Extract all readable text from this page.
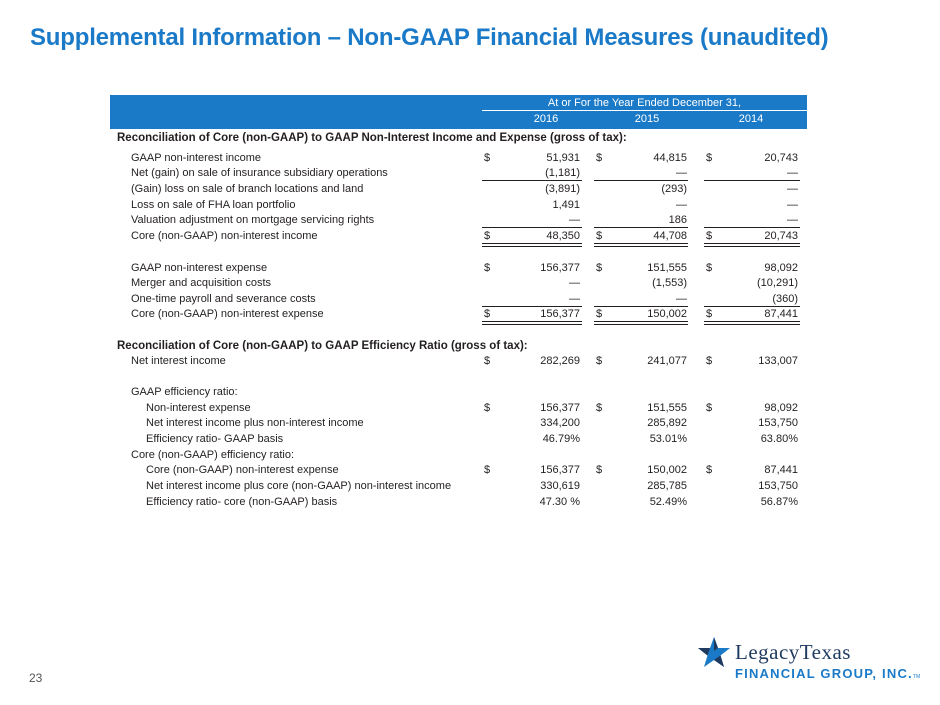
Supplemental Information – Non-GAAP Financial Measures (unaudited)
At or For the Year Ended December 31,
2016	2015	2014
Reconciliation of Core (non-GAAP) to GAAP Non-Interest Income and Expense (gross of tax):
Reconciliation of Core (non-GAAP) to GAAP Efficiency Ratio (gross of tax):
GAAP non-interest income	$	51,931 $	44,815 $	20,743
Net (gain) on sale of insurance subsidiary operations	(1,181)	—	—
(Gain) loss on sale of branch locations and land	(3,891)	(293)	—
Loss on sale of FHA loan portfolio	1,491	—	—
Valuation adjustment on mortgage servicing rights	—	186	—
Core (non-GAAP) non-interest income	$	48,350 $	44,708 $	20,743
GAAP non-interest expense	$	156,377 $	151,555 $	98,092
Merger and acquisition costs	—	(1,553)	(10,291)
One-time payroll and severance costs	—	—	(360)
Core (non-GAAP) non-interest expense	$	156,377 $	150,002 $	87,441
Net interest income	$	282,269 $	241,077 $	133,007
GAAP efficiency ratio:
Non-interest expense	$	156,377 $	151,555 $	98,092
Net interest income plus non-interest income	334,200	285,892	153,750
Efficiency ratio- GAAP basis	46.79%	53.01%	63.80%
Core (non-GAAP) efficiency ratio:
Core (non-GAAP) non-interest expense	$	156,377 $	150,002 $	87,441
Net interest income plus core (non-GAAP) non-interest income	330,619	285,785	153,750
Efficiency ratio- core (non-GAAP) basis	47.30 %	52.49%	56.87%
23
LegacyTexas
FINANCIAL GROUP, INC. TM
